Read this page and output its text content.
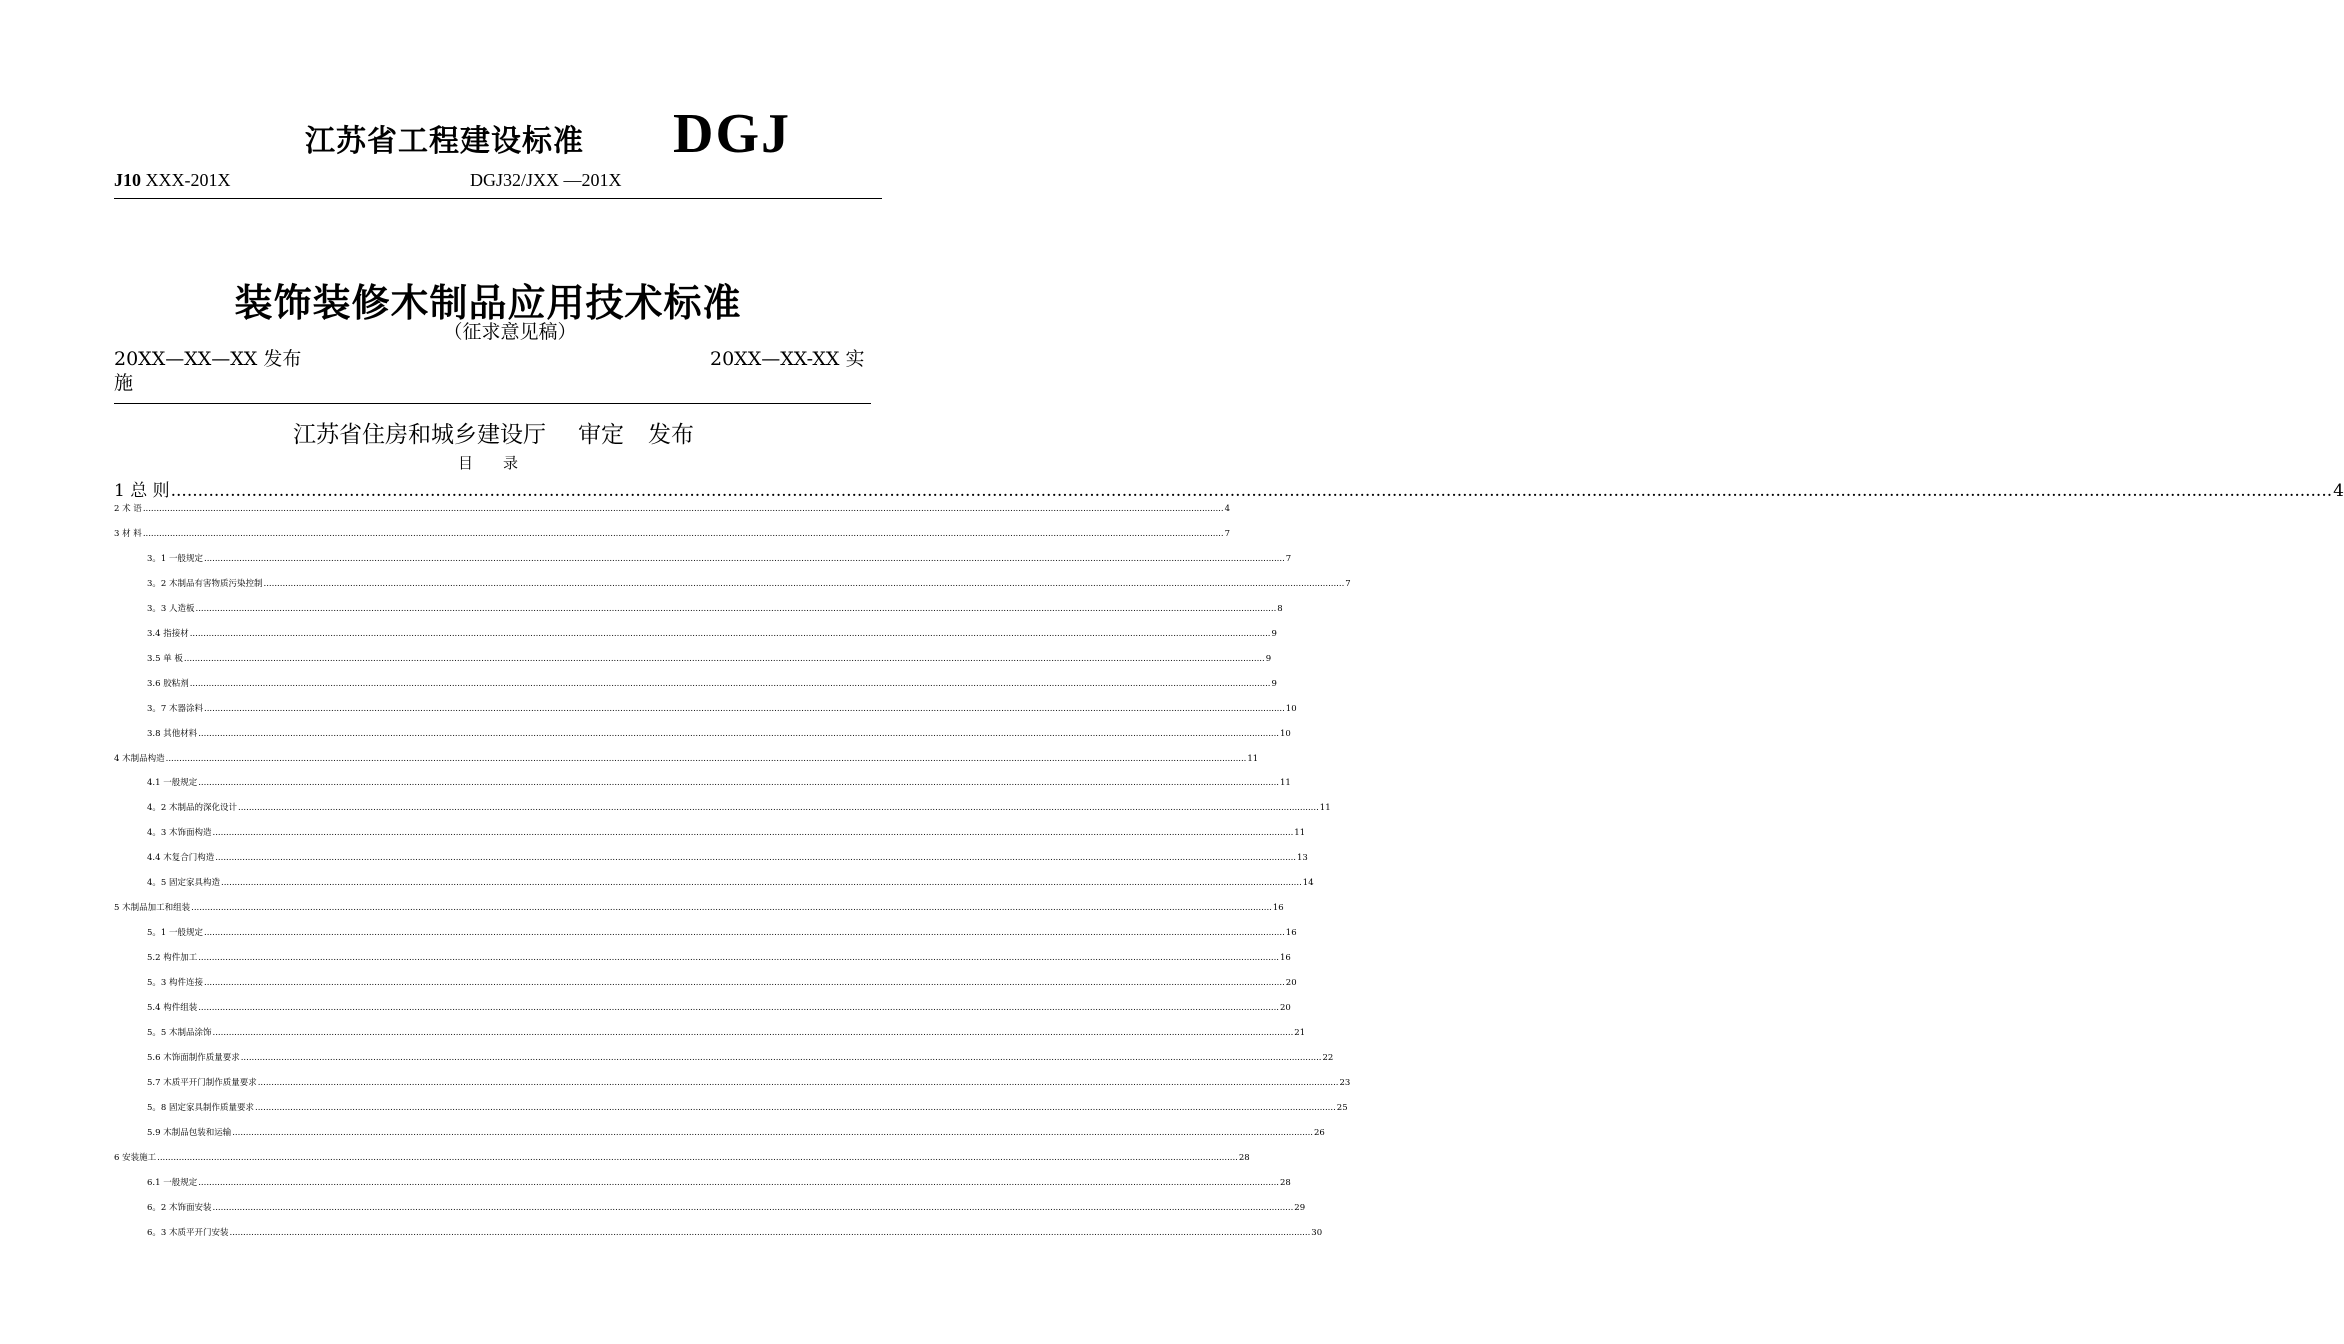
江苏省工程建设标准 DGJ
J10 XXX-201X	DGJ32/JXX —201X
装饰装修木制品应用技术标准
（征求意见稿）
20XX—XX—XX 发布	20XX—XX-XX 实
施
江苏省住房和城乡建设厅 审定 发布
目录
1 总 则 ................................................................................................................................................................................................................................................................................................................................................................................................................ 4
2 术 语 ................................................................................................................................................................................................................................................................................................................................................................................................................ 4
3 材 料 ................................................................................................................................................................................................................................................................................................................................................................................................................ 7
3。1 一般规定 ................................................................................................................................................................................................................................................................................................................................................................................................................ 7
3。2 木制品有害物质污染控制 ................................................................................................................................................................................................................................................................................................................................................................................................................ 7
3。3 人造板 ................................................................................................................................................................................................................................................................................................................................................................................................................ 8
3.4 指接材 ................................................................................................................................................................................................................................................................................................................................................................................................................ 9
3.5 单 板 ................................................................................................................................................................................................................................................................................................................................................................................................................ 9
3.6 胶粘剂 ................................................................................................................................................................................................................................................................................................................................................................................................................ 9
3。7 木器涂料 ................................................................................................................................................................................................................................................................................................................................................................................................................ 10
3.8 其他材料 ................................................................................................................................................................................................................................................................................................................................................................................................................ 10
4 木制品构造 ................................................................................................................................................................................................................................................................................................................................................................................................................ 11
4.1 一般规定 ................................................................................................................................................................................................................................................................................................................................................................................................................ 11
4。2 木制品的深化设计 ................................................................................................................................................................................................................................................................................................................................................................................................................ 11
4。3 木饰面构造 ................................................................................................................................................................................................................................................................................................................................................................................................................ 11
4.4 木复合门构造 ................................................................................................................................................................................................................................................................................................................................................................................................................ 13
4。5 固定家具构造 ................................................................................................................................................................................................................................................................................................................................................................................................................ 14
5 木制品加工和组装 ................................................................................................................................................................................................................................................................................................................................................................................................................ 16
5。1 一般规定 ................................................................................................................................................................................................................................................................................................................................................................................................................ 16
5.2 构件加工 ................................................................................................................................................................................................................................................................................................................................................................................................................ 16
5。3 构件连接 ................................................................................................................................................................................................................................................................................................................................................................................................................ 20
5.4 构件组装 ................................................................................................................................................................................................................................................................................................................................................................................................................ 20
5。5 木制品涂饰 ................................................................................................................................................................................................................................................................................................................................................................................................................ 21
5.6 木饰面制作质量要求 ................................................................................................................................................................................................................................................................................................................................................................................................................ 22
5.7 木质平开门制作质量要求 ................................................................................................................................................................................................................................................................................................................................................................................................................ 23
5。8 固定家具制作质量要求 ................................................................................................................................................................................................................................................................................................................................................................................................................ 25
5.9 木制品包装和运输 ................................................................................................................................................................................................................................................................................................................................................................................................................ 26
6 安装施工 ................................................................................................................................................................................................................................................................................................................................................................................................................ 28
6.1 一般规定 ................................................................................................................................................................................................................................................................................................................................................................................................................ 28
6。2 木饰面安装 ................................................................................................................................................................................................................................................................................................................................................................................................................ 29
6。3 木质平开门安装 ................................................................................................................................................................................................................................................................................................................................................................................................................ 30
